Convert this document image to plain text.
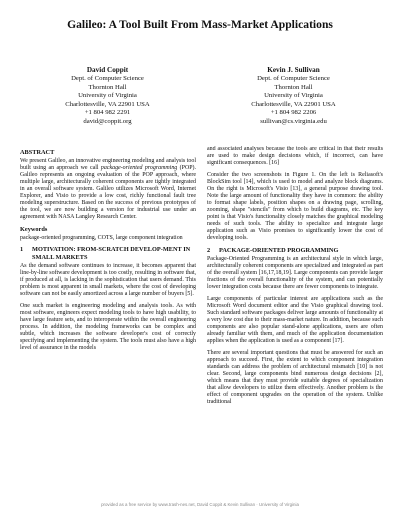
Galileo: A Tool Built From Mass-Market Applications
David Coppit
Dept. of Computer Science
Thornton Hall
University of Virginia
Charlottesville, VA 22901 USA
+1 804 982 2291
david@coppit.org
Kevin J. Sullivan
Dept. of Computer Science
Thornton Hall
University of Virginia
Charlottesville, VA 22901 USA
+1 804 982 2206
sullivan@cs.virginia.edu
ABSTRACT

We present Galileo, an innovative engineering modeling and analysis tool built using an approach we call package-oriented programming (POP). Galileo represents an ongoing evaluation of the POP approach, where multiple large, architecturally coherent components are tightly integrated in an overall software system. Galileo utilizes Microsoft Word, Internet Explorer, and Visio to provide a low cost, richly functional fault tree modeling superstructure. Based on the success of previous prototypes of the tool, we are now building a version for industrial use under an agreement with NASA Langley Research Center.

Keywords

package-oriented programming, COTS, large component integration

1 MOTIVATION: FROM-SCRATCH DEVELOP-MENT IN SMALL MARKETS

As the demand software continues to increase, it becomes apparent that line-by-line software development is too costly, resulting in software that, if produced at all, is lacking in the sophistication that users demand. This problem is most apparent in small markets, where the cost of developing software can not be easily amortized across a large number of buyers [5].

One such market is engineering modeling and analysis tools. As with most software, engineers expect modeling tools to have high usability, to have large feature sets, and to interoperate within the overall engineering process. In addition, the modeling frameworks can be complex and subtle, which increases the software developer's cost of correctly specifying and implementing the system. The tools must also have a high level of assurance in the models

and associated analyses because the tools are critical in that their results are used to make design decisions which, if incorrect, can have significant consequences. [16]

Consider the two screenshots in Figure 1. On the left is Reliasoft's BlockSim tool [14], which is used to model and analyze block diagrams. On the right is Microsoft's Visio [13], a general purpose drawing tool. Note the large amount of functionality they have in common: the ability to format shape labels, position shapes on a drawing page, scrolling, zooming, shape "stencils" from which to build diagrams, etc. The key point is that Visio's functionality closely matches the graphical modeling needs of such tools. The ability to specialize and integrate large application such as Visio promises to significantly lower the cost of developing tools.

2 PACKAGE-ORIENTED PROGRAMMING

Package-Oriented Programming is an architectural style in which large, architecturally coherent components are specialized and integrated as part of the overall system [16,17,18,19]. Large components can provide larger fractions of the overall functionality of the system, and can potentially lower integration costs because there are fewer components to integrate.

Large components of particular interest are applications such as the Microsoft Word document editor and the Visio graphical drawing tool. Such standard software packages deliver large amounts of functionality at a very low cost due to their mass-market nature. In addition, because such components are also popular stand-alone applications, users are often already familiar with them, and much of the application documentation applies when the application is used as a component [17].

There are several important questions that must be answered for such an approach to succeed. First, the extent to which component integration standards can address the problem of architectural mismatch [10] is not clear. Second, large components bind numerous design decisions [2], which means that they must provide suitable degrees of specialization that allow developers to utilize them effectively. Another problem is the effect of component upgrades on the operation of the system. Unlike traditional

provided as a free service by www.trash-nes.net, David Coppit & Kevin Sullivan · University of Virginia
